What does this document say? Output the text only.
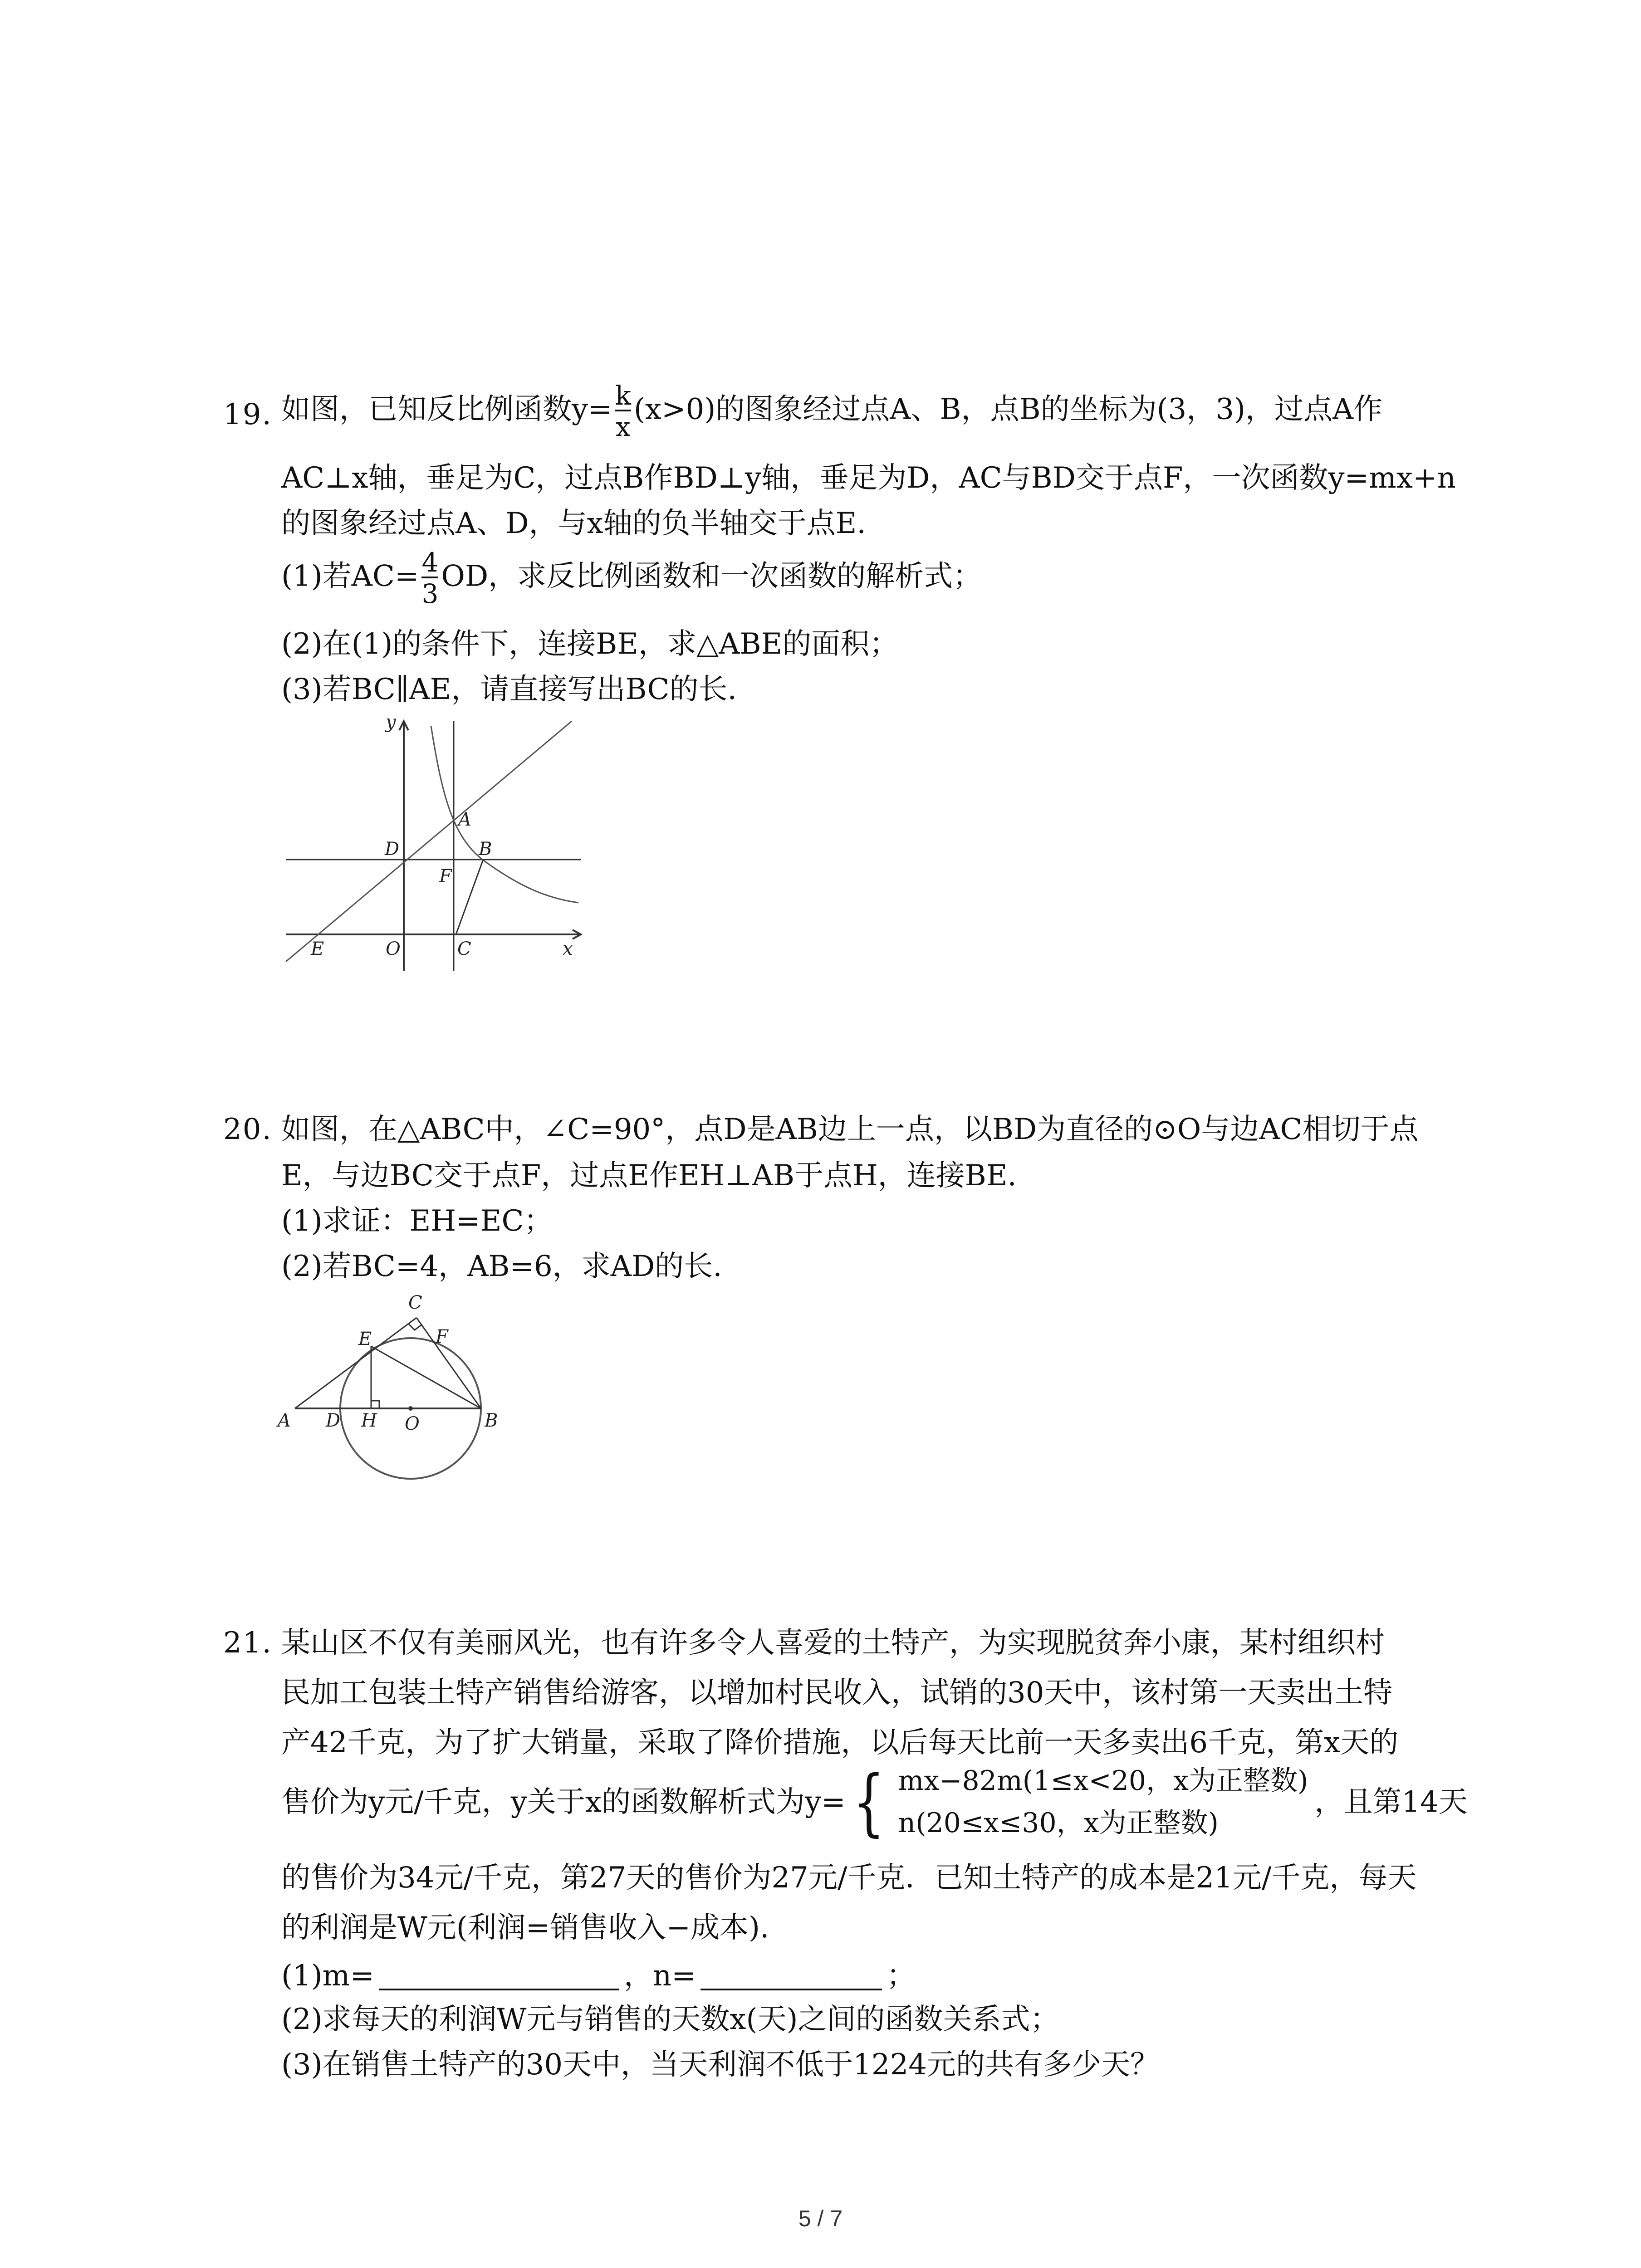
19. 如图，已知反比例函数$y= \frac{k}{x} (x>0)$的图象经过点A、B，点B的坐标为(3，3)，过点A作
AC⊥x轴，垂足为C，过点B作BD⊥y轴，垂足为D，AC与BD交于点F，一次函数y=mx+n
的图象经过点A、D，与x轴的负半轴交于点E.
(1)若$AC= \frac{4}{3}$ OD，求反比例函数和一次函数的解析式；
(2)在(1)的条件下，连接BE，求△ABE的面积；
(3)若BC∥AE，请直接写出BC的长.
y
x
A
B
C
D
E
F
O
20. 如图，在△ABC中，∠C=90°，点D是AB边上一点，以BD为直径的⊙O与边AC相切于点
E，与边BC交于点F，过点E作EH⊥AB于点H，连接BE.
(1)求证：EH=EC；
(2)若BC=4，AB=6，求AD的长.
A D H O	B
E
C
F
21. 某山区不仅有美丽风光，也有许多令人喜爱的土特产，为实现脱贫奔小康，某村组织村
民加工包装土特产销售给游客，以增加村民收入，试销的30天中，该村第一天卖出土特
产42千克，为了扩大销量，采取了降价措施，以后每天比前一天多卖出6千克，第x天的
售价为y元/千克，y关于x的函数解析式为y={ mx−82m(1≤x<20，x为正整数)
n(20≤x≤30，x为正整数)
，且第14天
的售价为34元/千克，第27天的售价为27元/千克．已知土特产的成本是21元/千克，每天
的利润是W元(利润=销售收入−成本).
(1)m=	，n=	；
(2)求每天的利润W元与销售的天数x(天)之间的函数关系式；
(3)在销售土特产的30天中，当天利润不低于1224元的共有多少天？
5 / 7
